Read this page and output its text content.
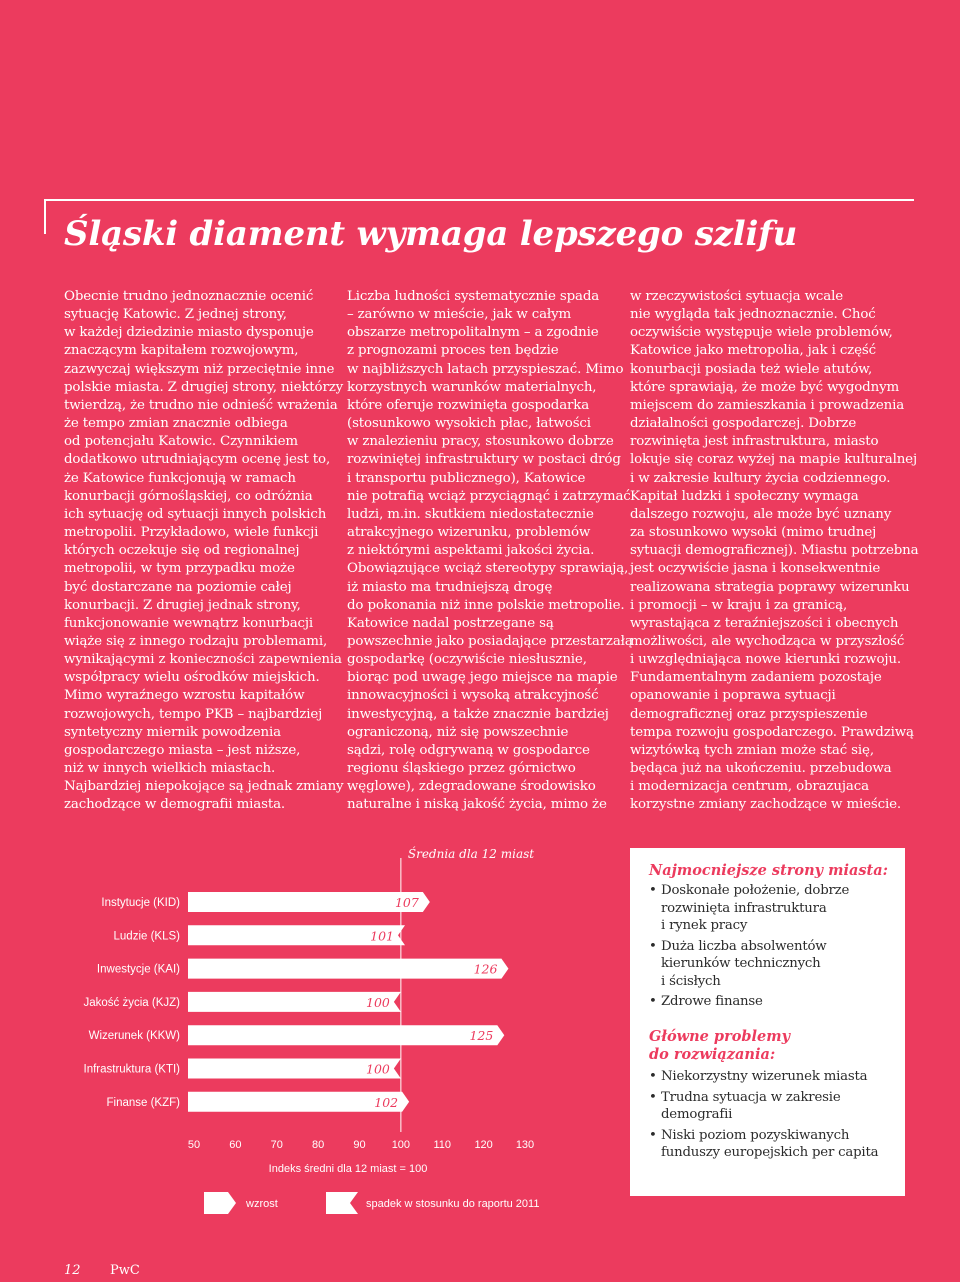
Śląski diament wymaga lepszego szlifu
Obecnie trudno jednoznacznie ocenić
sytuację Katowic. Z jednej strony,
w każdej dziedzinie miasto dysponuje
znaczącym kapitałem rozwojowym,
zazwyczaj większym niż przeciętnie inne
polskie miasta. Z drugiej strony, niektórzy
twierdzą, że trudno nie odnieść wrażenia
że tempo zmian znacznie odbiega
od potencjału Katowic. Czynnikiem
dodatkowo utrudniającym ocenę jest to,
że Katowice funkcjonują w ramach
konurbacji górnośląskiej, co odróżnia
ich sytuację od sytuacji innych polskich
metropolii. Przykładowo, wiele funkcji
których oczekuje się od regionalnej
metropolii, w tym przypadku może
być dostarczane na poziomie całej
konurbacji. Z drugiej jednak strony,
funkcjonowanie wewnątrz konurbacji
wiąże się z innego rodzaju problemami,
wynikającymi z konieczności zapewnienia
współpracy wielu ośrodków miejskich.
Mimo wyraźnego wzrostu kapitałów
rozwojowych, tempo PKB – najbardziej
syntetyczny miernik powodzenia
gospodarczego miasta – jest niższe,
niż w innych wielkich miastach.
Najbardziej niepokojące są jednak zmiany
zachodzące w demografii miasta.
Liczba ludności systematycznie spada
– zarówno w mieście, jak w całym
obszarze metropolitalnym – a zgodnie
z prognozami proces ten będzie
w najbliższych latach przyspieszać. Mimo
korzystnych warunków materialnych,
które oferuje rozwinięta gospodarka
(stosunkowo wysokich płac, łatwości
w znalezieniu pracy, stosunkowo dobrze
rozwiniętej infrastruktury w postaci dróg
i transportu publicznego), Katowice
nie potrafią wciąż przyciągnąć i zatrzymać
ludzi, m.in. skutkiem niedostatecznie
atrakcyjnego wizerunku, problemów
z niektórymi aspektami jakości życia.
Obowiązujące wciąż stereotypy sprawiają,
iż miasto ma trudniejszą drogę
do pokonania niż inne polskie metropolie.
Katowice nadal postrzegane są
powszechnie jako posiadające przestarzałą
gospodarkę (oczywiście niesłusznie,
biorąc pod uwagę jego miejsce na mapie
innowacyjności i wysoką atrakcyjność
inwestycyjną, a także znacznie bardziej
ograniczoną, niż się powszechnie
sądzi, rolę odgrywaną w gospodarce
regionu śląskiego przez górnictwo
węglowe), zdegradowane środowisko
naturalne i niską jakość życia, mimo że
w rzeczywistości sytuacja wcale
nie wygląda tak jednoznacznie. Choć
oczywiście występuje wiele problemów,
Katowice jako metropolia, jak i część
konurbacji posiada też wiele atutów,
które sprawiają, że może być wygodnym
miejscem do zamieszkania i prowadzenia
działalności gospodarczej. Dobrze
rozwinięta jest infrastruktura, miasto
lokuje się coraz wyżej na mapie kulturalnej
i w zakresie kultury życia codziennego.
Kapitał ludzki i społeczny wymaga
dalszego rozwoju, ale może być uznany
za stosunkowo wysoki (mimo trudnej
sytuacji demograficznej). Miastu potrzebna
jest oczywiście jasna i konsekwentnie
realizowana strategia poprawy wizerunku
i promocji – w kraju i za granicą,
wyrastająca z teraźniejszości i obecnych
możliwości, ale wychodząca w przyszłość
i uwzględniająca nowe kierunki rozwoju.
Fundamentalnym zadaniem pozostaje
opanowanie i poprawa sytuacji
demograficznej oraz przyspieszenie
tempa rozwoju gospodarczego. Prawdziwą
wizytówką tych zmian może stać się,
będąca już na ukończeniu. przebudowa
i modernizacja centrum, obrazujaca
korzystne zmiany zachodzące w mieście.
Średnia dla 12 miast
Instytucje (KID)	107
Ludzie (KLS)	101
Inwestycje (KAI)	126
Jakość życia (KJZ)	100
Wizerunek (KKW)	125
Infrastruktura (KTI)	100
Finanse (KZF)	102
50	60	70	80	90 100 110 120 130
Indeks średni dla 12 miast = 100
wzrost	spadek w stosunku do raportu 2011
Najmocniejsze strony miasta:
• Doskonałe położenie, dobrze
rozwinięta infrastruktura
i rynek pracy
• Duża liczba absolwentów
kierunków technicznych
i ścisłych
• Zdrowe finanse
Główne problemy
do rozwiązania:
• Niekorzystny wizerunek miasta
• Trudna sytuacja w zakresie
demografii
• Niski poziom pozyskiwanych
funduszy europejskich per capita
12 PwC
